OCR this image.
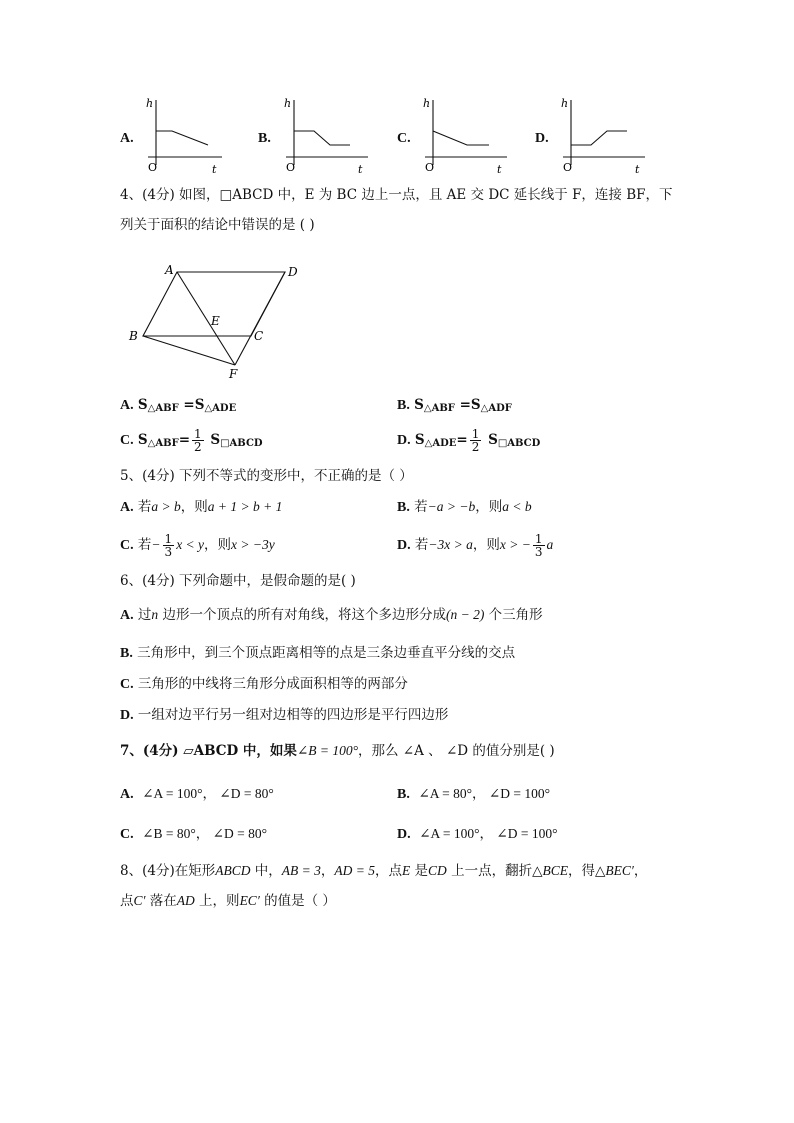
A.
h
t
O
B.
h
t
O
C.
h
t
O
D.
h
t
O
4、(4分) 如图，□ABCD 中，E 为 BC 边上一点，且 AE 交 DC 延长线于 F，连接 BF，下
列关于面积的结论中错误的是 ( )
A	D
B	C
E
F
A. $S_{\triangle ABF} =S_{\triangle ADE}$	B. $S_{\triangle ABF} =S_{\triangle ADF}$
C. $S_{\triangle ABF}= \frac{1}{2} S_{□ABCD}$	D. $S_{\triangle ADE}= \frac{1}{2} S_{□ABCD}$
5、(4分) 下列不等式的变形中，不正确的是（ ）
A. 若a > b，则a + 1 > b + 1	B. 若−a > −b，则a < b
C. 若− $\frac{1}{3}$ x < y，则x > −3y	D. 若−3x > a，则x > − $\frac{1}{3}$ a
6、(4分) 下列命题中，是假命题的是( )
A. 过n 边形一个顶点的所有对角线，将这个多边形分成(n − 2) 个三角形
B. 三角形中，到三个顶点距离相等的点是三条边垂直平分线的交点
C. 三角形的中线将三角形分成面积相等的两部分
D. 一组对边平行另一组对边相等的四边形是平行四边形
7、(4分) ▱ABCD 中，如果∠B = 100°，那么 ∠A 、 ∠D 的值分别是( )
A. ∠A = 100°， ∠D = 80°	B. ∠A = 80°， ∠D = 100°
C. ∠B = 80°， ∠D = 80°	D. ∠A = 100°， ∠D = 100°
8、(4分)在矩形ABCD 中，AB = 3，AD = 5，点E 是CD 上一点，翻折△BCE，得△BEC′，
点C′ 落在AD 上，则EC′ 的值是（ ）
